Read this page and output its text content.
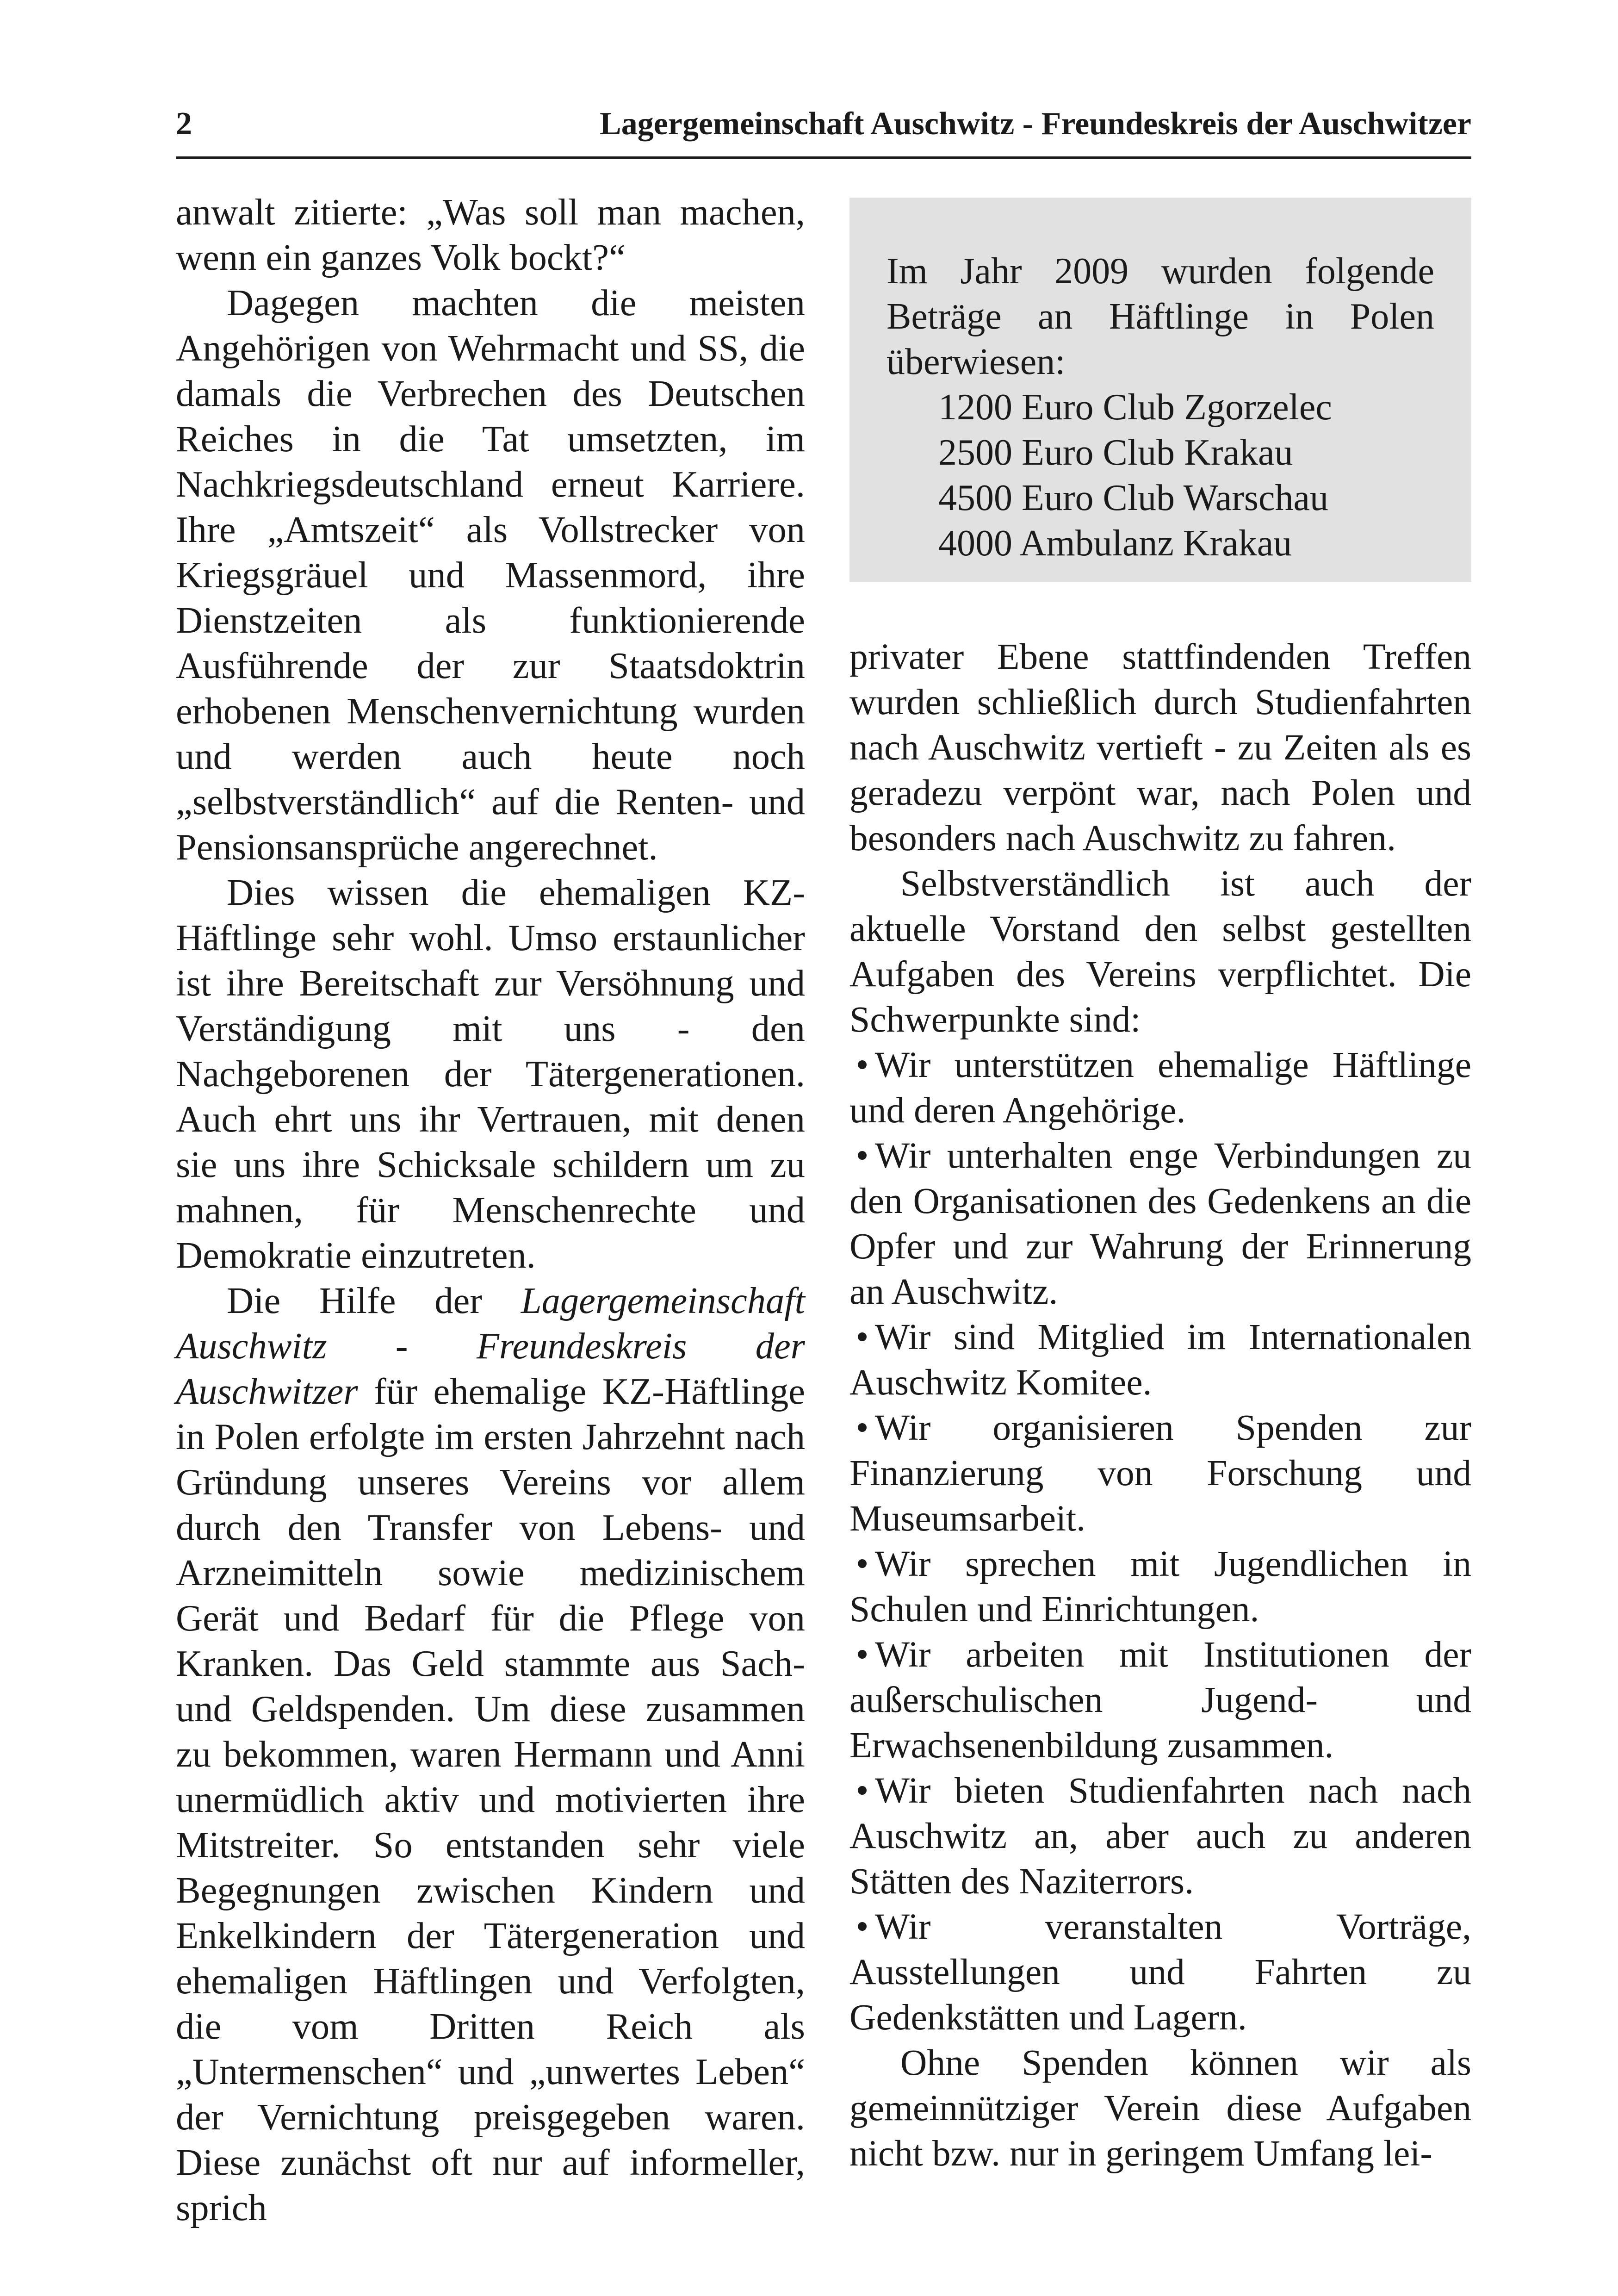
2	Lagergemeinschaft Auschwitz - Freundeskreis der Auschwitzer

anwalt zitierte: „Was soll man machen, wenn ein ganzes Volk bockt?“

Dagegen machten die meisten Angehörigen von Wehrmacht und SS, die damals die Verbrechen des Deutschen Reiches in die Tat umsetzten, im Nachkriegsdeutschland erneut Karriere. Ihre „Amtszeit“ als Vollstrecker von Kriegsgräuel und Massenmord, ihre Dienstzeiten als funktionierende Ausführende der zur Staatsdoktrin erhobenen Menschenvernichtung wurden und werden auch heute noch „selbstverständlich“ auf die Renten- und Pensionsansprüche angerechnet.

Dies wissen die ehemaligen KZ-Häftlinge sehr wohl. Umso erstaunlicher ist ihre Bereitschaft zur Versöhnung und Verständigung mit uns - den Nachgeborenen der Tätergenerationen. Auch ehrt uns ihr Vertrauen, mit denen sie uns ihre Schicksale schildern um zu mahnen, für Menschenrechte und Demokratie einzutreten.

Die Hilfe der Lagergemeinschaft Auschwitz - Freundeskreis der Auschwitzer für ehemalige KZ-Häftlinge in Polen erfolgte im ersten Jahrzehnt nach Gründung unseres Vereins vor allem durch den Transfer von Lebens- und Arzneimitteln sowie medizinischem Gerät und Bedarf für die Pflege von Kranken. Das Geld stammte aus Sach- und Geldspenden. Um diese zusammen zu bekommen, waren Hermann und Anni unermüdlich aktiv und motivierten ihre Mitstreiter. So entstanden sehr viele Begegnungen zwischen Kindern und Enkelkindern der Tätergeneration und ehemaligen Häftlingen und Verfolgten, die vom Dritten Reich als „Untermenschen“ und „unwertes Leben“ der Vernichtung preisgegeben waren. Diese zunächst oft nur auf informeller, sprich

Im Jahr 2009 wurden folgende Beträge an Häftlinge in Polen überwiesen:

1200 Euro Club Zgorzelec
2500 Euro Club Krakau
4500 Euro Club Warschau
4000 Ambulanz Krakau

privater Ebene stattfindenden Treffen wurden schließlich durch Studienfahrten nach Auschwitz vertieft - zu Zeiten als es geradezu verpönt war, nach Polen und besonders nach Auschwitz zu fahren.

Selbstverständlich ist auch der aktuelle Vorstand den selbst gestellten Aufgaben des Vereins verpflichtet. Die Schwerpunkte sind:

• Wir unterstützen ehemalige Häftlinge und deren Angehörige.

• Wir unterhalten enge Verbindungen zu den Organisationen des Gedenkens an die Opfer und zur Wahrung der Erinnerung an Auschwitz.

• Wir sind Mitglied im Internationalen Auschwitz Komitee.

• Wir organisieren Spenden zur Finanzierung von Forschung und Museumsarbeit.

• Wir sprechen mit Jugendlichen in Schulen und Einrichtungen.

• Wir arbeiten mit Institutionen der außerschulischen Jugend- und Erwachsenenbildung zusammen.

• Wir bieten Studienfahrten nach nach Auschwitz an, aber auch zu anderen Stätten des Naziterrors.

• Wir veranstalten Vorträge, Ausstellungen und Fahrten zu Gedenkstätten und Lagern.

Ohne Spenden können wir als gemeinnütziger Verein diese Aufgaben nicht bzw. nur in geringem Umfang lei-
